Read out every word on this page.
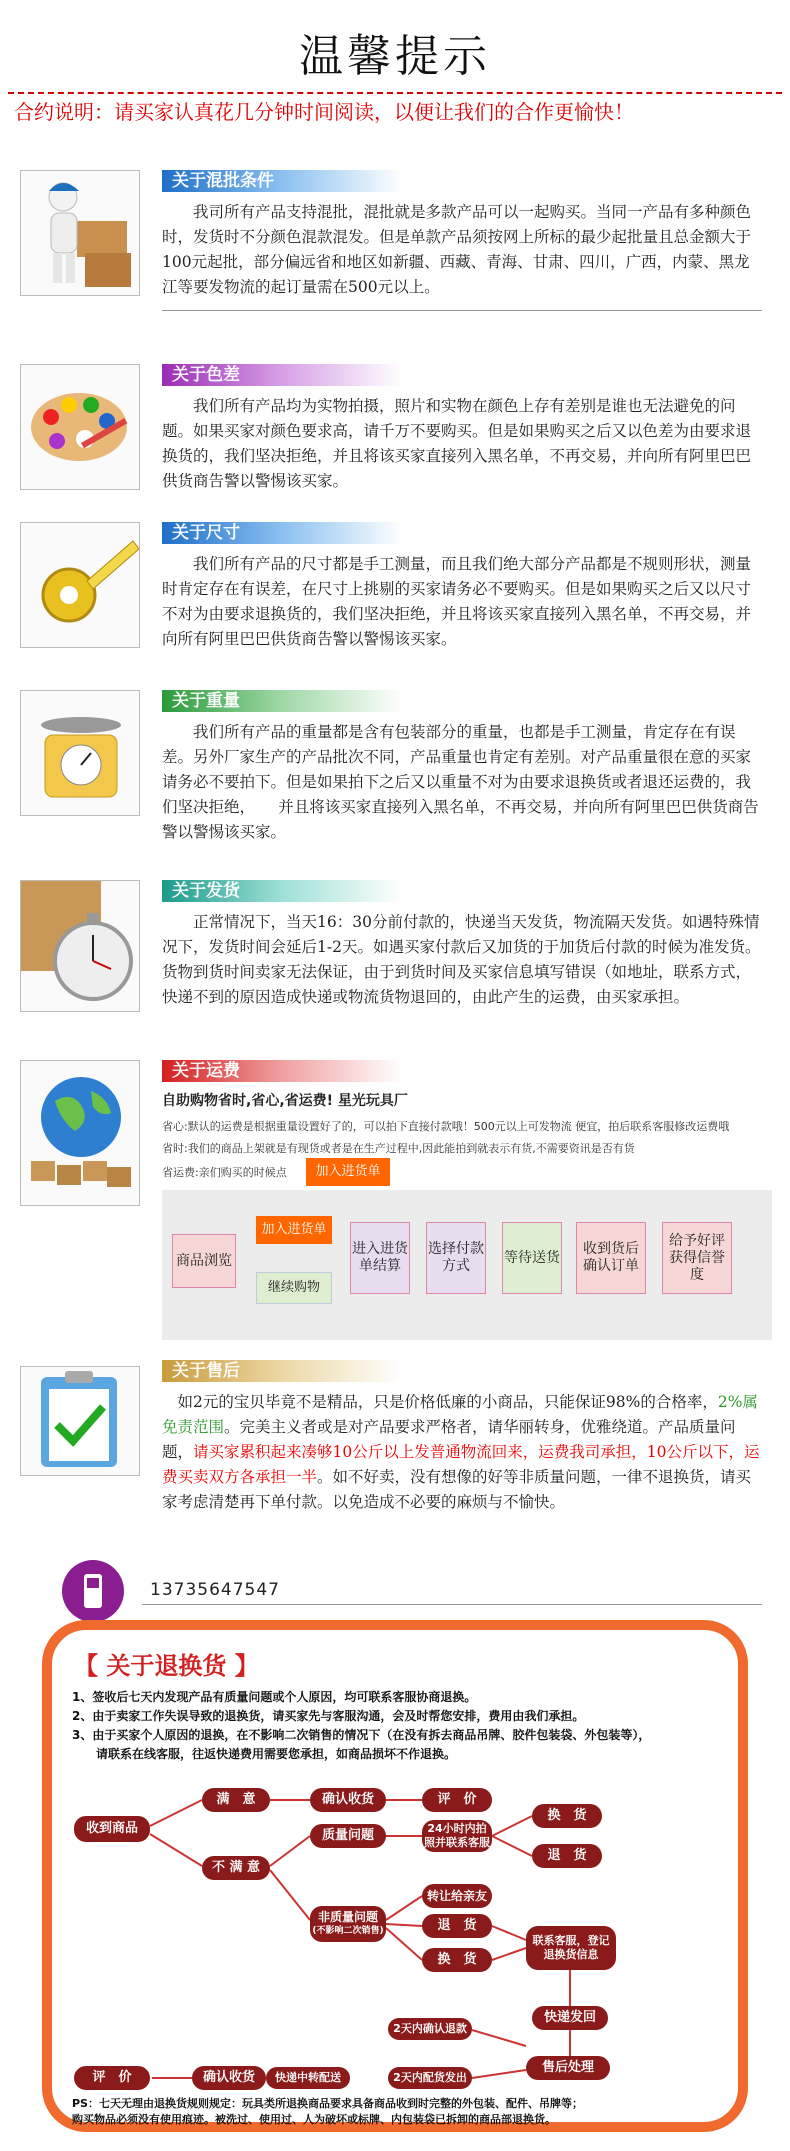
温馨提示
合约说明：请买家认真花几分钟时间阅读，以便让我们的合作更愉快！
关于混批条件
我司所有产品支持混批，混批就是多款产品可以一起购买。当同一产品有多种颜色时，发货时不分颜色混款混发。但是单款产品须按网上所标的最少起批量且总金额大于100元起批，部分偏远省和地区如新疆、西藏、青海、甘肃、四川，广西，内蒙、黑龙江等要发物流的起订量需在500元以上。
关于色差
我们所有产品均为实物拍摄，照片和实物在颜色上存有差别是谁也无法避免的问题。如果买家对颜色要求高，请千万不要购买。但是如果购买之后又以色差为由要求退换货的，我们坚决拒绝，并且将该买家直接列入黑名单，不再交易，并向所有阿里巴巴供货商告警以警惕该买家。
关于尺寸
我们所有产品的尺寸都是手工测量，而且我们绝大部分产品都是不规则形状，测量时肯定存在有误差，在尺寸上挑剔的买家请务必不要购买。但是如果购买之后又以尺寸不对为由要求退换货的，我们坚决拒绝，并且将该买家直接列入黑名单，不再交易，并向所有阿里巴巴供货商告警以警惕该买家。
关于重量
我们所有产品的重量都是含有包装部分的重量，也都是手工测量，肯定存在有误差。另外厂家生产的产品批次不同，产品重量也肯定有差别。对产品重量很在意的买家请务必不要拍下。但是如果拍下之后又以重量不对为由要求退换货或者退还运费的，我们坚决拒绝，　　并且将该买家直接列入黑名单，不再交易，并向所有阿里巴巴供货商告警以警惕该买家。
关于发货
正常情况下，当天16：30分前付款的，快递当天发货，物流隔天发货。如遇特殊情况下，发货时间会延后1-2天。如遇买家付款后又加货的于加货后付款的时候为准发货。货物到货时间卖家无法保证，由于到货时间及买家信息填写错误（如地址，联系方式，快递不到的原因造成快递或物流货物退回的，由此产生的运费，由买家承担。
关于运费
自助购物省时,省心,省运费! 星光玩具厂
省心:默认的运费是根据重量设置好了的，可以拍下直接付款哦！500元以上可发物流 便宜，拍后联系客服修改运费哦
省时:我们的商品上架就是有现货或者是在生产过程中,因此能拍到就表示有货,不需要资讯是否有货
省运费:亲们购买的时候点	加入进货单
商品浏览
加入进货单
继续购物
进入进货单结算
选择付款方式
等待送货
收到货后确认订单
给予好评获得信誉度
关于售后
如2元的宝贝毕竟不是精品，只是价格低廉的小商品，只能保证98%的合格率，2%属免责范围。完美主义者或是对产品要求严格者，请华丽转身，优雅绕道。产品质量问题，请买家累积起来凑够10公斤以上发普通物流回来，运费我司承担，10公斤以下，运费买卖双方各承担一半。如不好卖，没有想像的好等非质量问题，一律不退换货，请买家考虑清楚再下单付款。以免造成不必要的麻烦与不愉快。
13735647547
【 关于退换货 】
1、签收后七天内发现产品有质量问题或个人原因，均可联系客服协商退换。
2、由于卖家工作失误导致的退换货，请买家先与客服沟通，会及时帮您安排，费用由我们承担。
3、由于买家个人原因的退换，在不影响二次销售的情况下（在没有拆去商品吊牌、胶件包装袋、外包装等），
　　请联系在线客服，往返快递费用需要您承担，如商品损坏不作退换。
收到商品
满　意	确认收货	评　价
不 满 意
质量问题	24小时内拍照并联系客服
换　货
退　货
转让给亲友
非质量问题
(不影响二次销售)	退　货
换　货
联系客服，登记退换货信息
快递发回
售后处理
2天内确认退款
2天内配货发出
快递中转配送
确认收货
评　价
PS：七天无理由退换货规则规定：玩具类所退换商品要求具备商品收到时完整的外包装、配件、吊牌等；
购买物品必须没有使用痕迹。被洗过、使用过、人为破坏或标牌、内包装袋已拆卸的商品部退换货。
